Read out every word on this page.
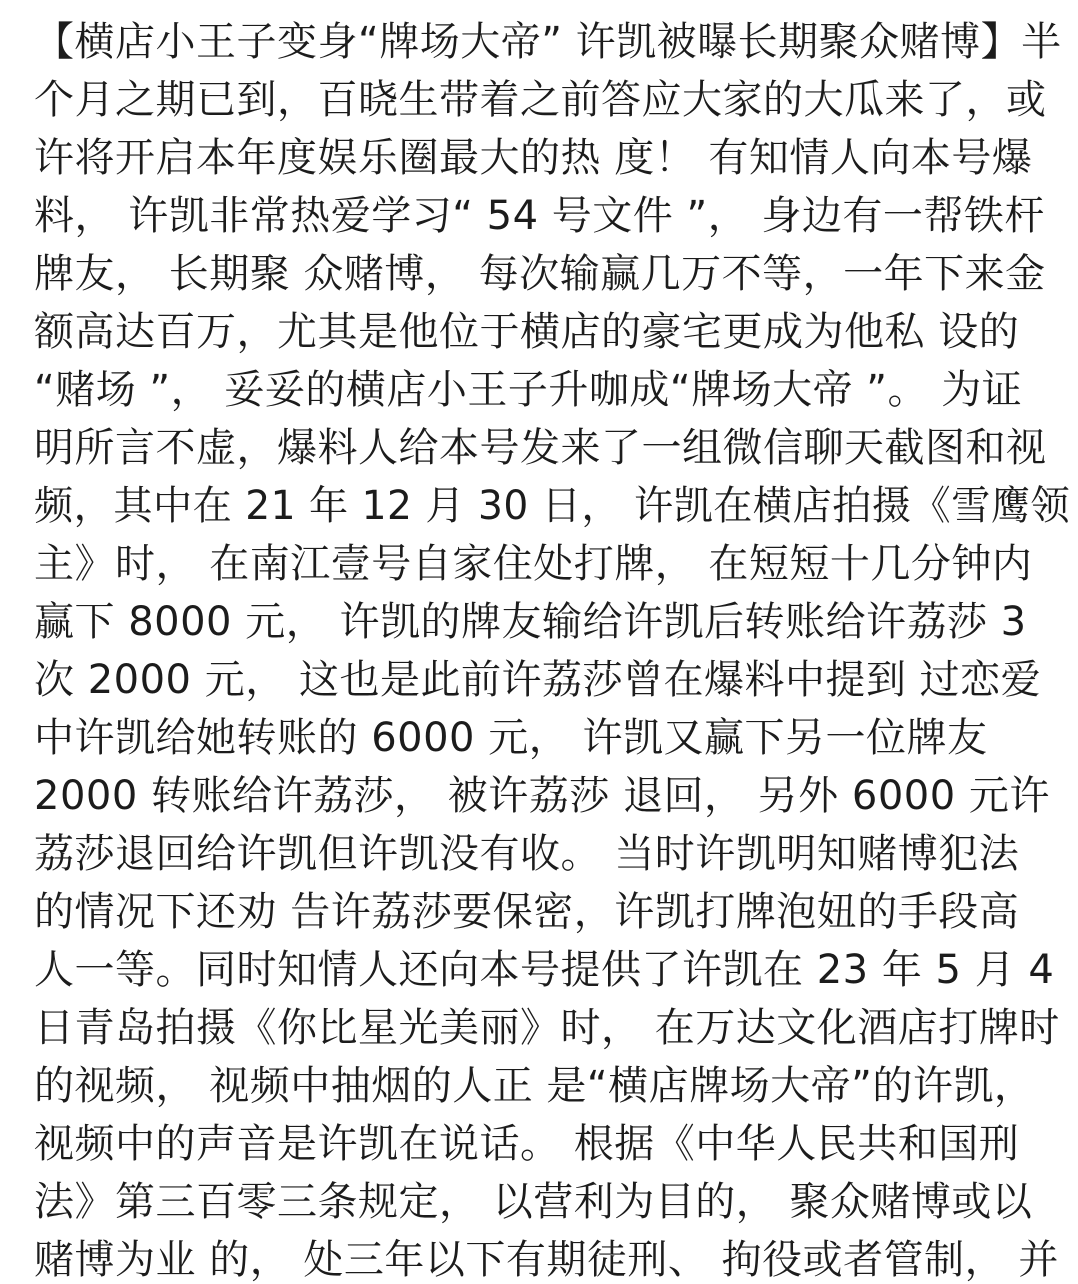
【横店小王子变身“牌场大帝” 许凯被曝长期聚众赌博】半
个月之期已到，百晓生带着之前答应大家的大瓜来了，或
许将开启本年度娱乐圈最大的热 度！ 有知情人向本号爆
料， 许凯非常热爱学习“ 54 号文件 ”， 身边有一帮铁杆
牌友， 长期聚 众赌博， 每次输赢几万不等，一年下来金
额高达百万，尤其是他位于横店的豪宅更成为他私 设的
“赌场 ”， 妥妥的横店小王子升咖成“牌场大帝 ”。 为证
明所言不虚，爆料人给本号发来了一组微信聊天截图和视
频，其中在 21 年 12 月 30 日， 许凯在横店拍摄《雪鹰领
主》时， 在南江壹号自家住处打牌， 在短短十几分钟内
赢下 8000 元， 许凯的牌友输给许凯后转账给许荔莎 3
次 2000 元， 这也是此前许荔莎曾在爆料中提到 过恋爱
中许凯给她转账的 6000 元， 许凯又赢下另一位牌友
2000 转账给许荔莎， 被许荔莎 退回， 另外 6000 元许
荔莎退回给许凯但许凯没有收。 当时许凯明知赌博犯法
的情况下还劝 告许荔莎要保密，许凯打牌泡妞的手段高
人一等。同时知情人还向本号提供了许凯在 23 年 5 月 4
日青岛拍摄《你比星光美丽》时， 在万达文化酒店打牌时
的视频， 视频中抽烟的人正 是“横店牌场大帝”的许凯，
视频中的声音是许凯在说话。 根据《中华人民共和国刑
法》第三百零三条规定， 以营利为目的， 聚众赌博或以
赌博为业 的， 处三年以下有期徒刑、 拘役或者管制， 并
